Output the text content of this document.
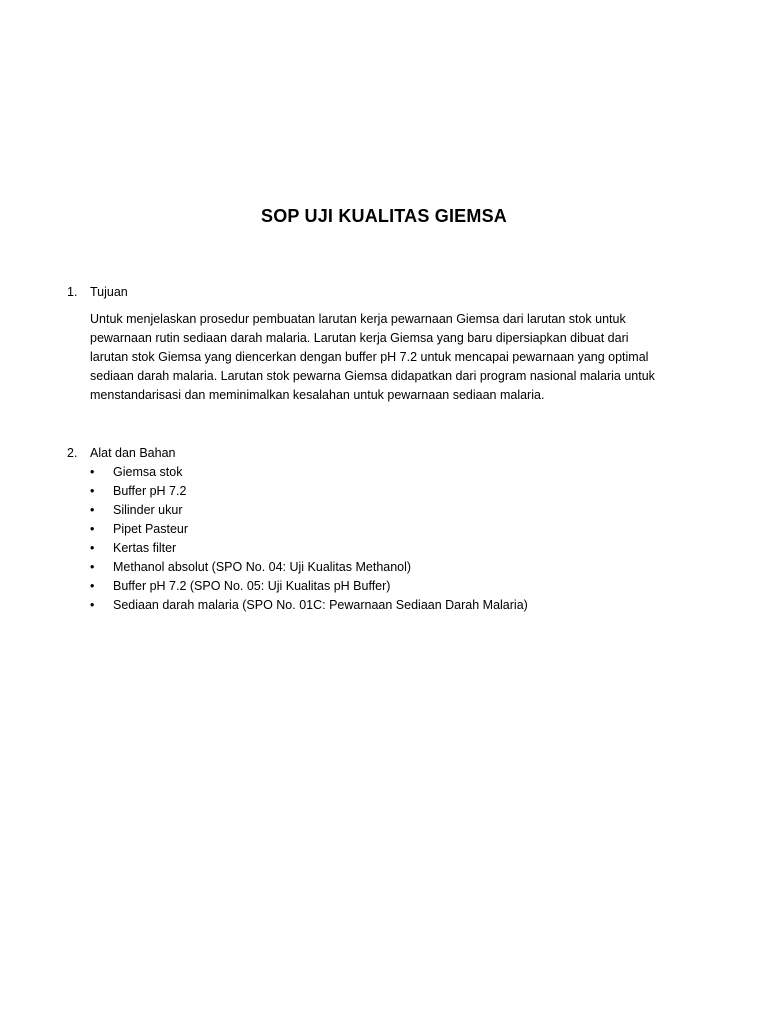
SOP UJI KUALITAS GIEMSA
1. Tujuan
Untuk menjelaskan prosedur pembuatan larutan kerja pewarnaan Giemsa dari larutan stok untuk
pewarnaan rutin sediaan darah malaria. Larutan kerja Giemsa yang baru dipersiapkan dibuat dari
larutan stok Giemsa yang diencerkan dengan buffer pH 7.2 untuk mencapai pewarnaan yang optimal
sediaan darah malaria. Larutan stok pewarna Giemsa didapatkan dari program nasional malaria untuk
menstandarisasi dan meminimalkan kesalahan untuk pewarnaan sediaan malaria.
2. Alat dan Bahan
•	Giemsa stok
•	Buffer pH 7.2
•	Silinder ukur
•	Pipet Pasteur
•	Kertas filter
•	Methanol absolut (SPO No. 04: Uji Kualitas Methanol)
•	Buffer pH 7.2 (SPO No. 05: Uji Kualitas pH Buffer)
•	Sediaan darah malaria (SPO No. 01C: Pewarnaan Sediaan Darah Malaria)
